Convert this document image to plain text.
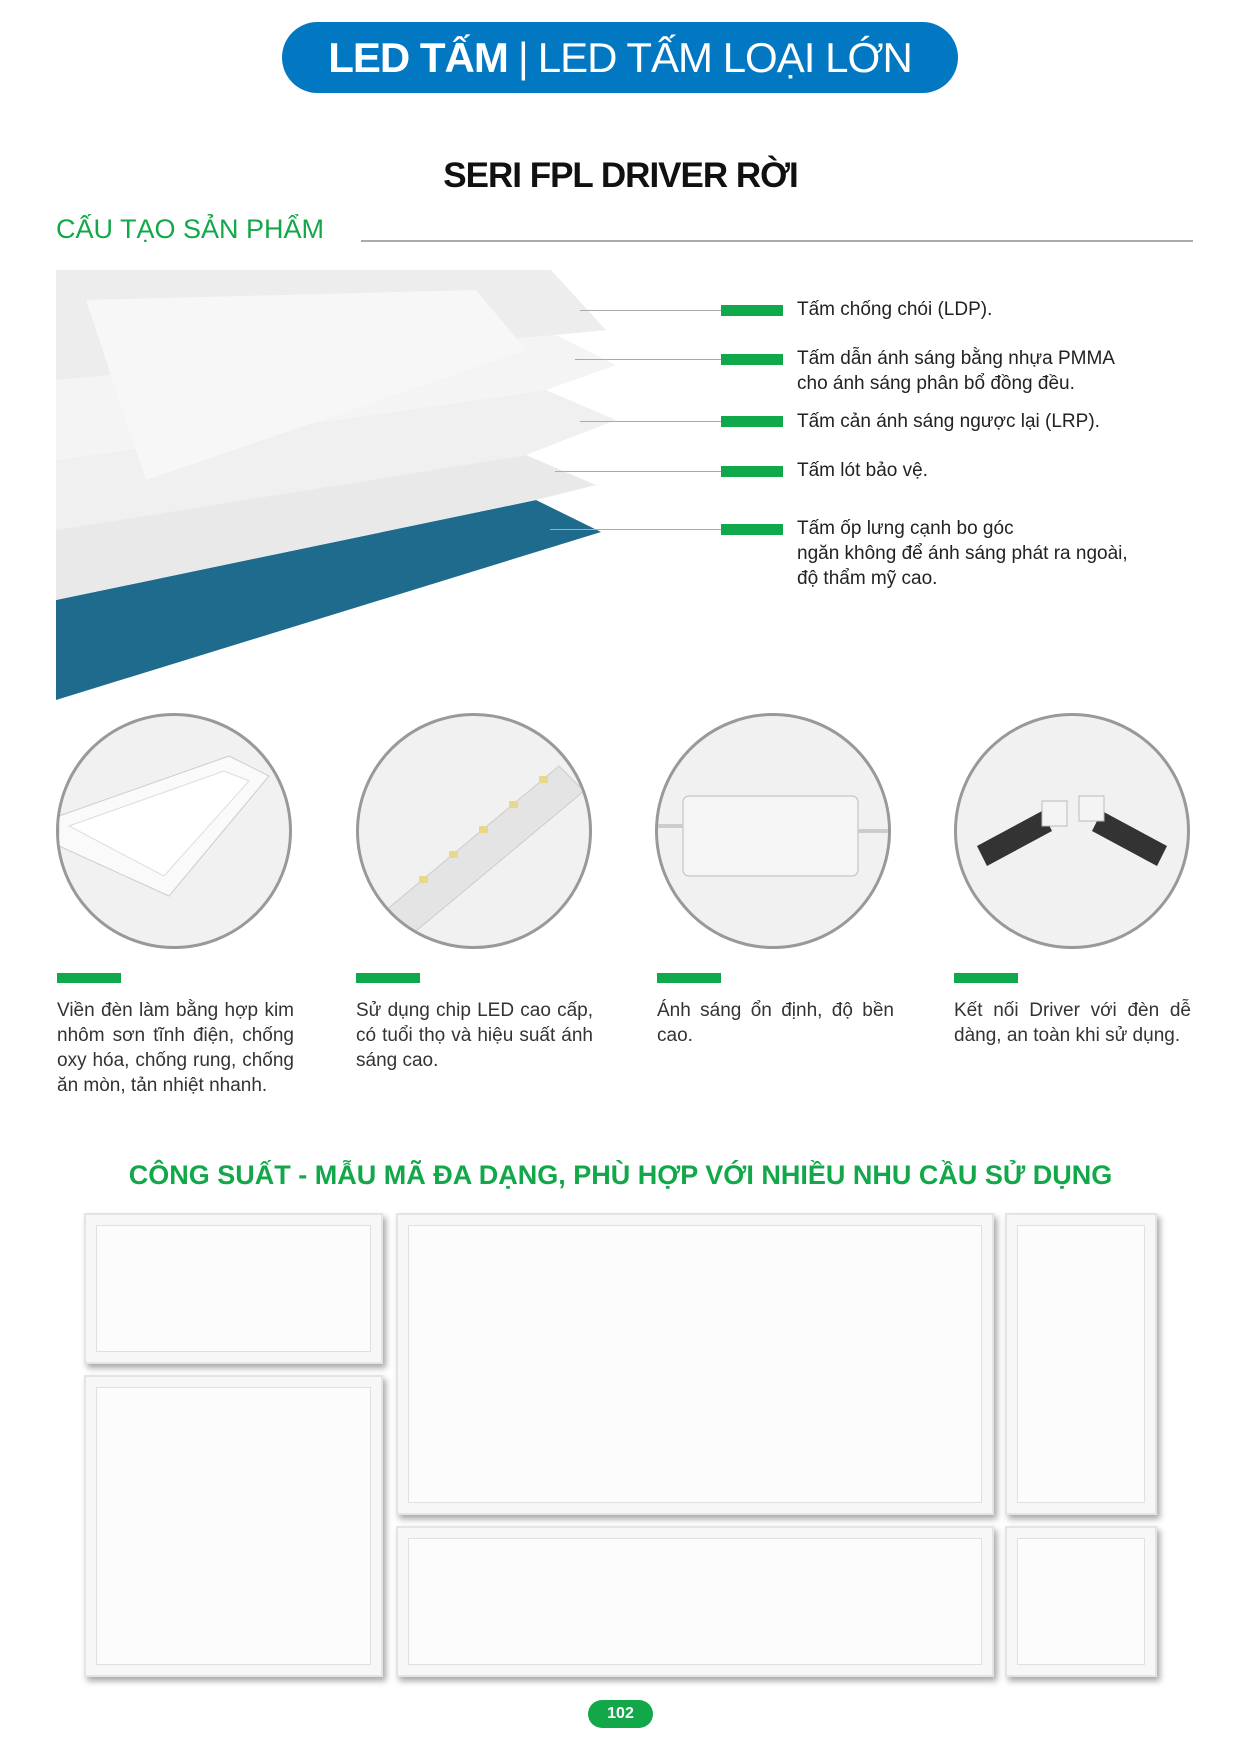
LED TẤM | LED TẤM LOẠI LỚN
SERI FPL DRIVER RỜI
CẤU TẠO SẢN PHẨM
Tấm chống chói (LDP).
Tấm dẫn ánh sáng bằng nhựa PMMA
cho ánh sáng phân bổ đồng đều.
Tấm cản ánh sáng ngược lại (LRP).
Tấm lót bảo vệ.
Tấm ốp lưng cạnh bo góc
ngăn không để ánh sáng phát ra ngoài,
độ thẩm mỹ cao.
Viền đèn làm bằng hợp kim nhôm sơn tĩnh điện, chống oxy hóa, chống rung, chống ăn mòn, tản nhiệt nhanh.
Sử dụng chip LED cao cấp, có tuổi thọ và hiệu suất ánh sáng cao.
Ánh sáng ổn định, độ bền cao.
Kết nối Driver với đèn dễ dàng, an toàn khi sử dụng.
CÔNG SUẤT - MẪU MÃ ĐA DẠNG, PHÙ HỢP VỚI NHIỀU NHU CẦU SỬ DỤNG
102
